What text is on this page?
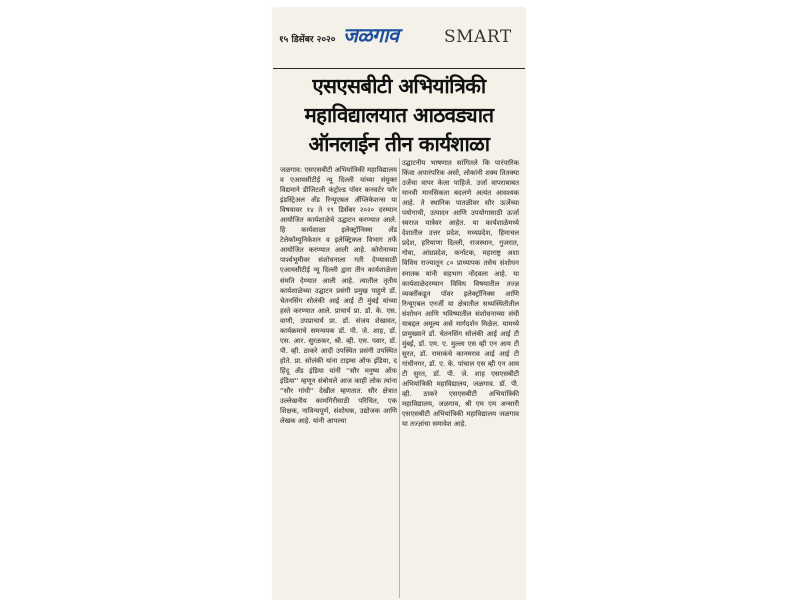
१५ डिसेंबर २०२० जळगाव	SMART
एसएसबीटी अभियांत्रिकी
महाविद्यालयात आठवड्यात
ऑनलाईन तीन कार्यशाळा

जळगाव: एसएसबीटी अभियांत्रिकी महाविद्यालय व एआयसीटीई न्यू दिल्ली यांच्या संयुक्त विद्यमाने डीजिटली कंट्रोल्ड पॉवर कनवर्टर फॉर इंडस्ट्रिअल अँड रिन्यूएबल अँप्लिकेशन्स या विषयावर १४ ते १९ डिसेंबर २०२० दरम्यान आयोजित कार्यशाळेचे उद्घाटन करण्यात आले. हि कार्यशाळा इलेक्ट्रॉनिक्स अँड टेलेकॉम्युनिकेशन व इलेक्ट्रिकल विभाग तर्फे आयोजित करण्यात आली आहे. कोरोनाच्या पार्श्वभूमीवर संशोधनाला गती देण्यासाठी एआयसीटीई न्यू दिल्ली द्वारा तीन कार्यशाळेला संमति देण्यात आली आहे. त्यातील तृतीय कार्यशाळेच्या उद्घाटन प्रसंगी प्रमुख पाहुणे डॉ. चेतनसिंग सोलंकी आई आई टी मुंबई यांच्या हस्ते करण्यात आले. प्राचार्य प्रा. डॉ. के. एस. वाणी, उपप्राचार्य प्रा. डॉ. संजय शेखावत, कार्यक्रमाचे समन्वयक डॉ. पी. जे. शाह, डॉ. एस. आर. सुरळकर, श्री. व्ही. एस. पवार, डॉ. पी. व्ही. ठाकरे आदी उपस्थित प्रसंगी उपस्थित होते. प्रा. सोलंकी यांना टाइम्स ऑफ इंडिया, द हिंदू अँड इंडिया यांनी ''सौर मनुष्य ऑफ इंडिया'' म्हणून संबोधले आज काही लोक त्यांना ''सौर गांधी'' देखील म्हणतात. सौर क्षेत्रात उल्लेखनीय कामगिरीसाठी परिचित, एक शिक्षक, नाविन्यपूर्ण, संशोधक, उद्योजक आणि लेखक आहे. यांनी आपल्या

उद्घाटनीय भाषणात सांगितले कि पारंपारिक किंवा अपारंपरिक असो, लोकांनी शक्य तितक्या उर्जेचा वापर केला पाहिजे. उर्जा वापराबाबत मानवी मानसिकता बदलणे अत्यंत आवश्यक आहे. ते स्थानिक पातळीवर सौर ऊर्जेच्या पयोगाची, उत्पादन आणि उपयोगासाठी ऊर्जा स्वराज यात्रेवर आहेत. या कार्यशाळेमध्ये देशातील उत्तर प्रदेश, मध्यप्रदेश, हिमाचल प्रदेश, हरियाणा दिल्ली, राजस्थान, गुजरात, गोवा, आंध्रप्रदेश, कर्नाटक, महाराष्ट्र अशा विविध राज्यातून ८० प्राध्यापक तसेच संशोधन स्नातक यांनी सहभाग नोंदवला आहे. या कार्यशाळेदरम्यान विविध विषयातील तज्ज्ञ व्यक्तींकडून पॉवर इलेक्ट्रॉनिक्स आणि रिन्यूएबल एनर्जी या क्षेत्रातील सध्यस्थितीतील संशोधन आणि भविष्यातील संशोधनाच्या संधी याबद्दल अमूल्य असे मार्गदर्शन मिळेल. यामध्ये प्रामुख्याने डॉ. चेतनसिंग सोलंकी आई आई टी मुंबई, डॉ. एम. ए. मुल्ला एस व्ही एन आय टी सुरत, डॉ. रामाकंचे कानमराव आई आई टी गांधीनगर, डॉ. ए. के. पांचाल एस व्ही एन आय टी सुरत, डॉ. पी. जे. शाह एसएसबीटी अभियांत्रिकी महाविद्यालय, जळगाव. डॉ. पी. व्ही. ठाकरे एसएसबीटी अभियांत्रिकी महाविद्यालय, जळगाव, श्री एम एम अन्सारी एसएसबीटी अभियांत्रिकी महाविद्यालय जळगाव या तज्ज्ञांचा समावेश आहे.
